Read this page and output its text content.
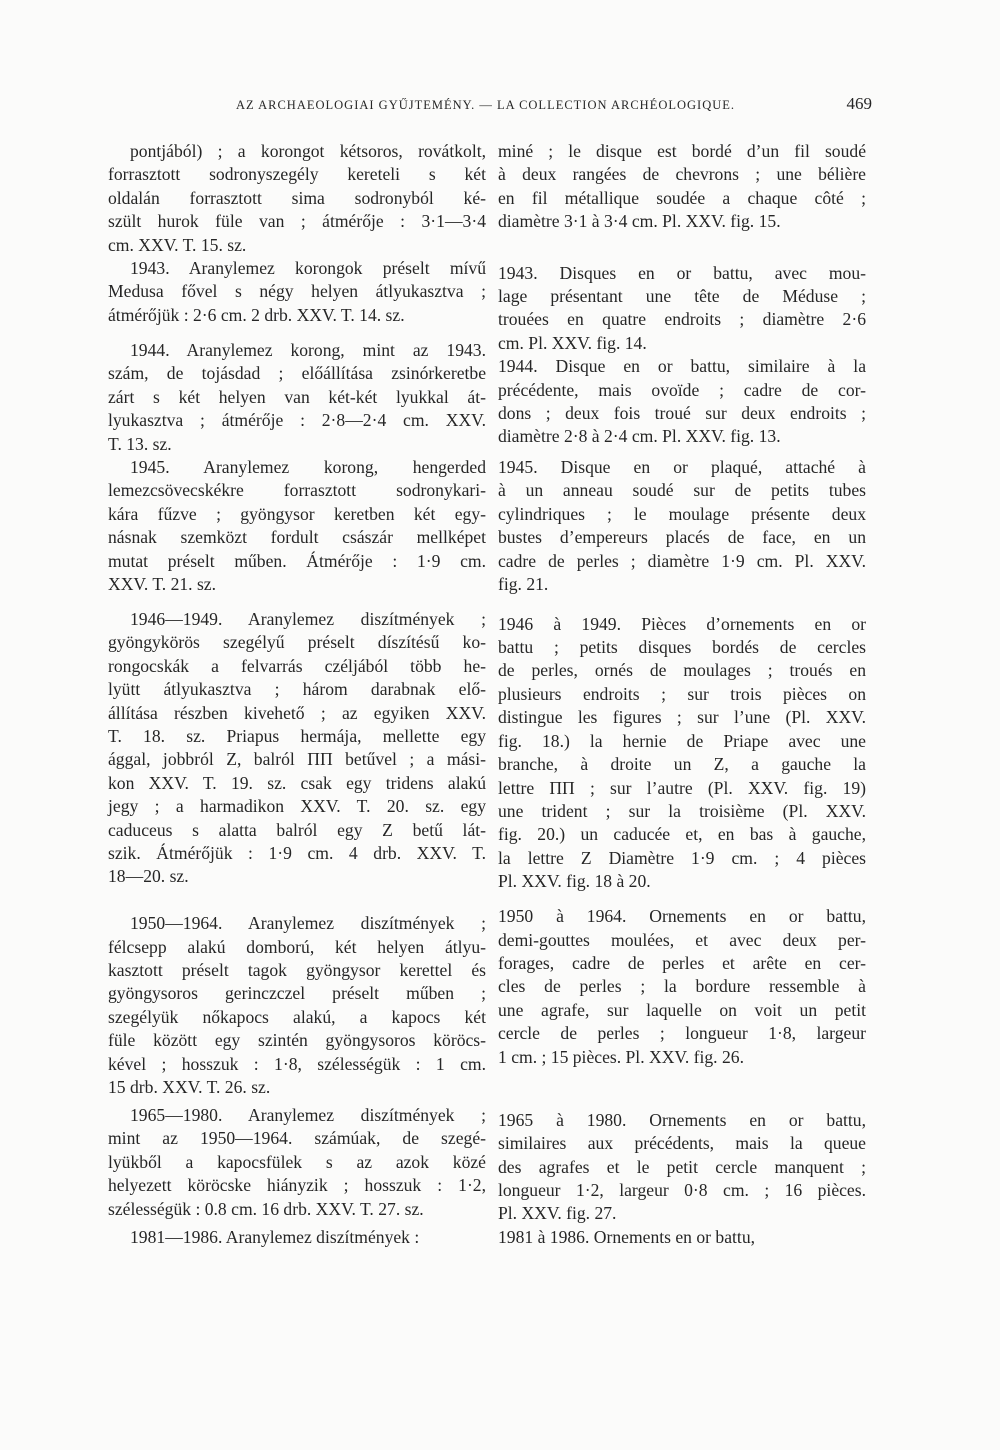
AZ ARCHAEOLOGIAI GYŰJTEMÉNY. — LA COLLECTION ARCHÉOLOGIQUE.	469
pontjából) ; a korongot kétsoros, rovátkolt,
forrasztott sodronyszegély kereteli s két
oldalán forrasztott sima sodronyból ké-
szült hurok füle van ; átmérője : 3·1—3·4
cm. XXV. T. 15. sz.
1943. Aranylemez korongok préselt mívű
Medusa fővel s négy helyen átlyukasztva ;
átmérőjük : 2·6 cm. 2 drb. XXV. T. 14. sz.
1944. Aranylemez korong, mint az 1943.
szám, de tojásdad ; előállítása zsinórkeretbe
zárt s két helyen van két-két lyukkal át-
lyukasztva ; átmérője : 2·8—2·4 cm. XXV.
T. 13. sz.
1945. Aranylemez korong, hengerded
lemezcsövecskékre forrasztott sodronykari-
kára fűzve ; gyöngysor keretben két egy-
násnak szemközt fordult császár mellképet
mutat préselt műben. Átmérője : 1·9 cm.
XXV. T. 21. sz.
1946—1949. Aranylemez diszítmények ;
gyöngykörös szegélyű préselt díszítésű ko-
rongocskák a felvarrás czéljából több he-
lyütt átlyukasztva ; három darabnak elő-
állítása részben kivehető ; az egyiken XXV.
T. 18. sz. Priapus hermája, mellette egy
ággal, jobbról Z, balról ΠΠ betűvel ; a mási-
kon XXV. T. 19. sz. csak egy tridens alakú
jegy ; a harmadikon XXV. T. 20. sz. egy
caduceus s alatta balról egy Z betű lát-
szik. Átmérőjük : 1·9 cm. 4 drb. XXV. T.
18—20. sz.
1950—1964. Aranylemez diszítmények ;
félcsepp alakú domború, két helyen átlyu-
kasztott préselt tagok gyöngysor kerettel és
gyöngysoros gerinczczel préselt műben ;
szegélyük nőkapocs alakú, a kapocs két
füle között egy szintén gyöngysoros köröcs-
kével ; hosszuk : 1·8, szélességük : 1 cm.
15 drb. XXV. T. 26. sz.
1965—1980. Aranylemez diszítmények ;
mint az 1950—1964. számúak, de szegé-
lyükből a kapocsfülek s az azok közé
helyezett köröcske hiányzik ; hosszuk : 1·2,
szélességük : 0.8 cm. 16 drb. XXV. T. 27. sz.
1981—1986. Aranylemez diszítmények :
miné ; le disque est bordé d’un fil soudé
à deux rangées de chevrons ; une bélière
en fil métallique soudée a chaque côté ;
diamètre 3·1 à 3·4 cm. Pl. XXV. fig. 15.
1943. Disques en or battu, avec mou-
lage présentant une tête de Méduse ;
trouées en quatre endroits ; diamètre 2·6
cm. Pl. XXV. fig. 14.
1944. Disque en or battu, similaire à la
précédente, mais ovoïde ; cadre de cor-
dons ; deux fois troué sur deux endroits ;
diamètre 2·8 à 2·4 cm. Pl. XXV. fig. 13.
1945. Disque en or plaqué, attaché à
à un anneau soudé sur de petits tubes
cylindriques ; le moulage présente deux
bustes d’empereurs placés de face, en un
cadre de perles ; diamètre 1·9 cm. Pl. XXV.
fig. 21.
1946 à 1949. Pièces d’ornements en or
battu ; petits disques bordés de cercles
de perles, ornés de moulages ; troués en
plusieurs endroits ; sur trois pièces on
distingue les figures ; sur l’une (Pl. XXV.
fig. 18.) la hernie de Priape avec une
branche, à droite un Z, a gauche la
lettre ΠΠ ; sur l’autre (Pl. XXV. fig. 19)
une trident ; sur la troisième (Pl. XXV.
fig. 20.) un caducée et, en bas à gauche,
la lettre Z Diamètre 1·9 cm. ; 4 pièces
Pl. XXV. fig. 18 à 20.
1950 à 1964. Ornements en or battu,
demi-gouttes moulées, et avec deux per-
forages, cadre de perles et arête en cer-
cles de perles ; la bordure ressemble à
une agrafe, sur laquelle on voit un petit
cercle de perles ; longueur 1·8, largeur
1 cm. ; 15 pièces. Pl. XXV. fig. 26.
1965 à 1980. Ornements en or battu,
similaires aux précédents, mais la queue
des agrafes et le petit cercle manquent ;
longueur 1·2, largeur 0·8 cm. ; 16 pièces.
Pl. XXV. fig. 27.
1981 à 1986. Ornements en or battu,
